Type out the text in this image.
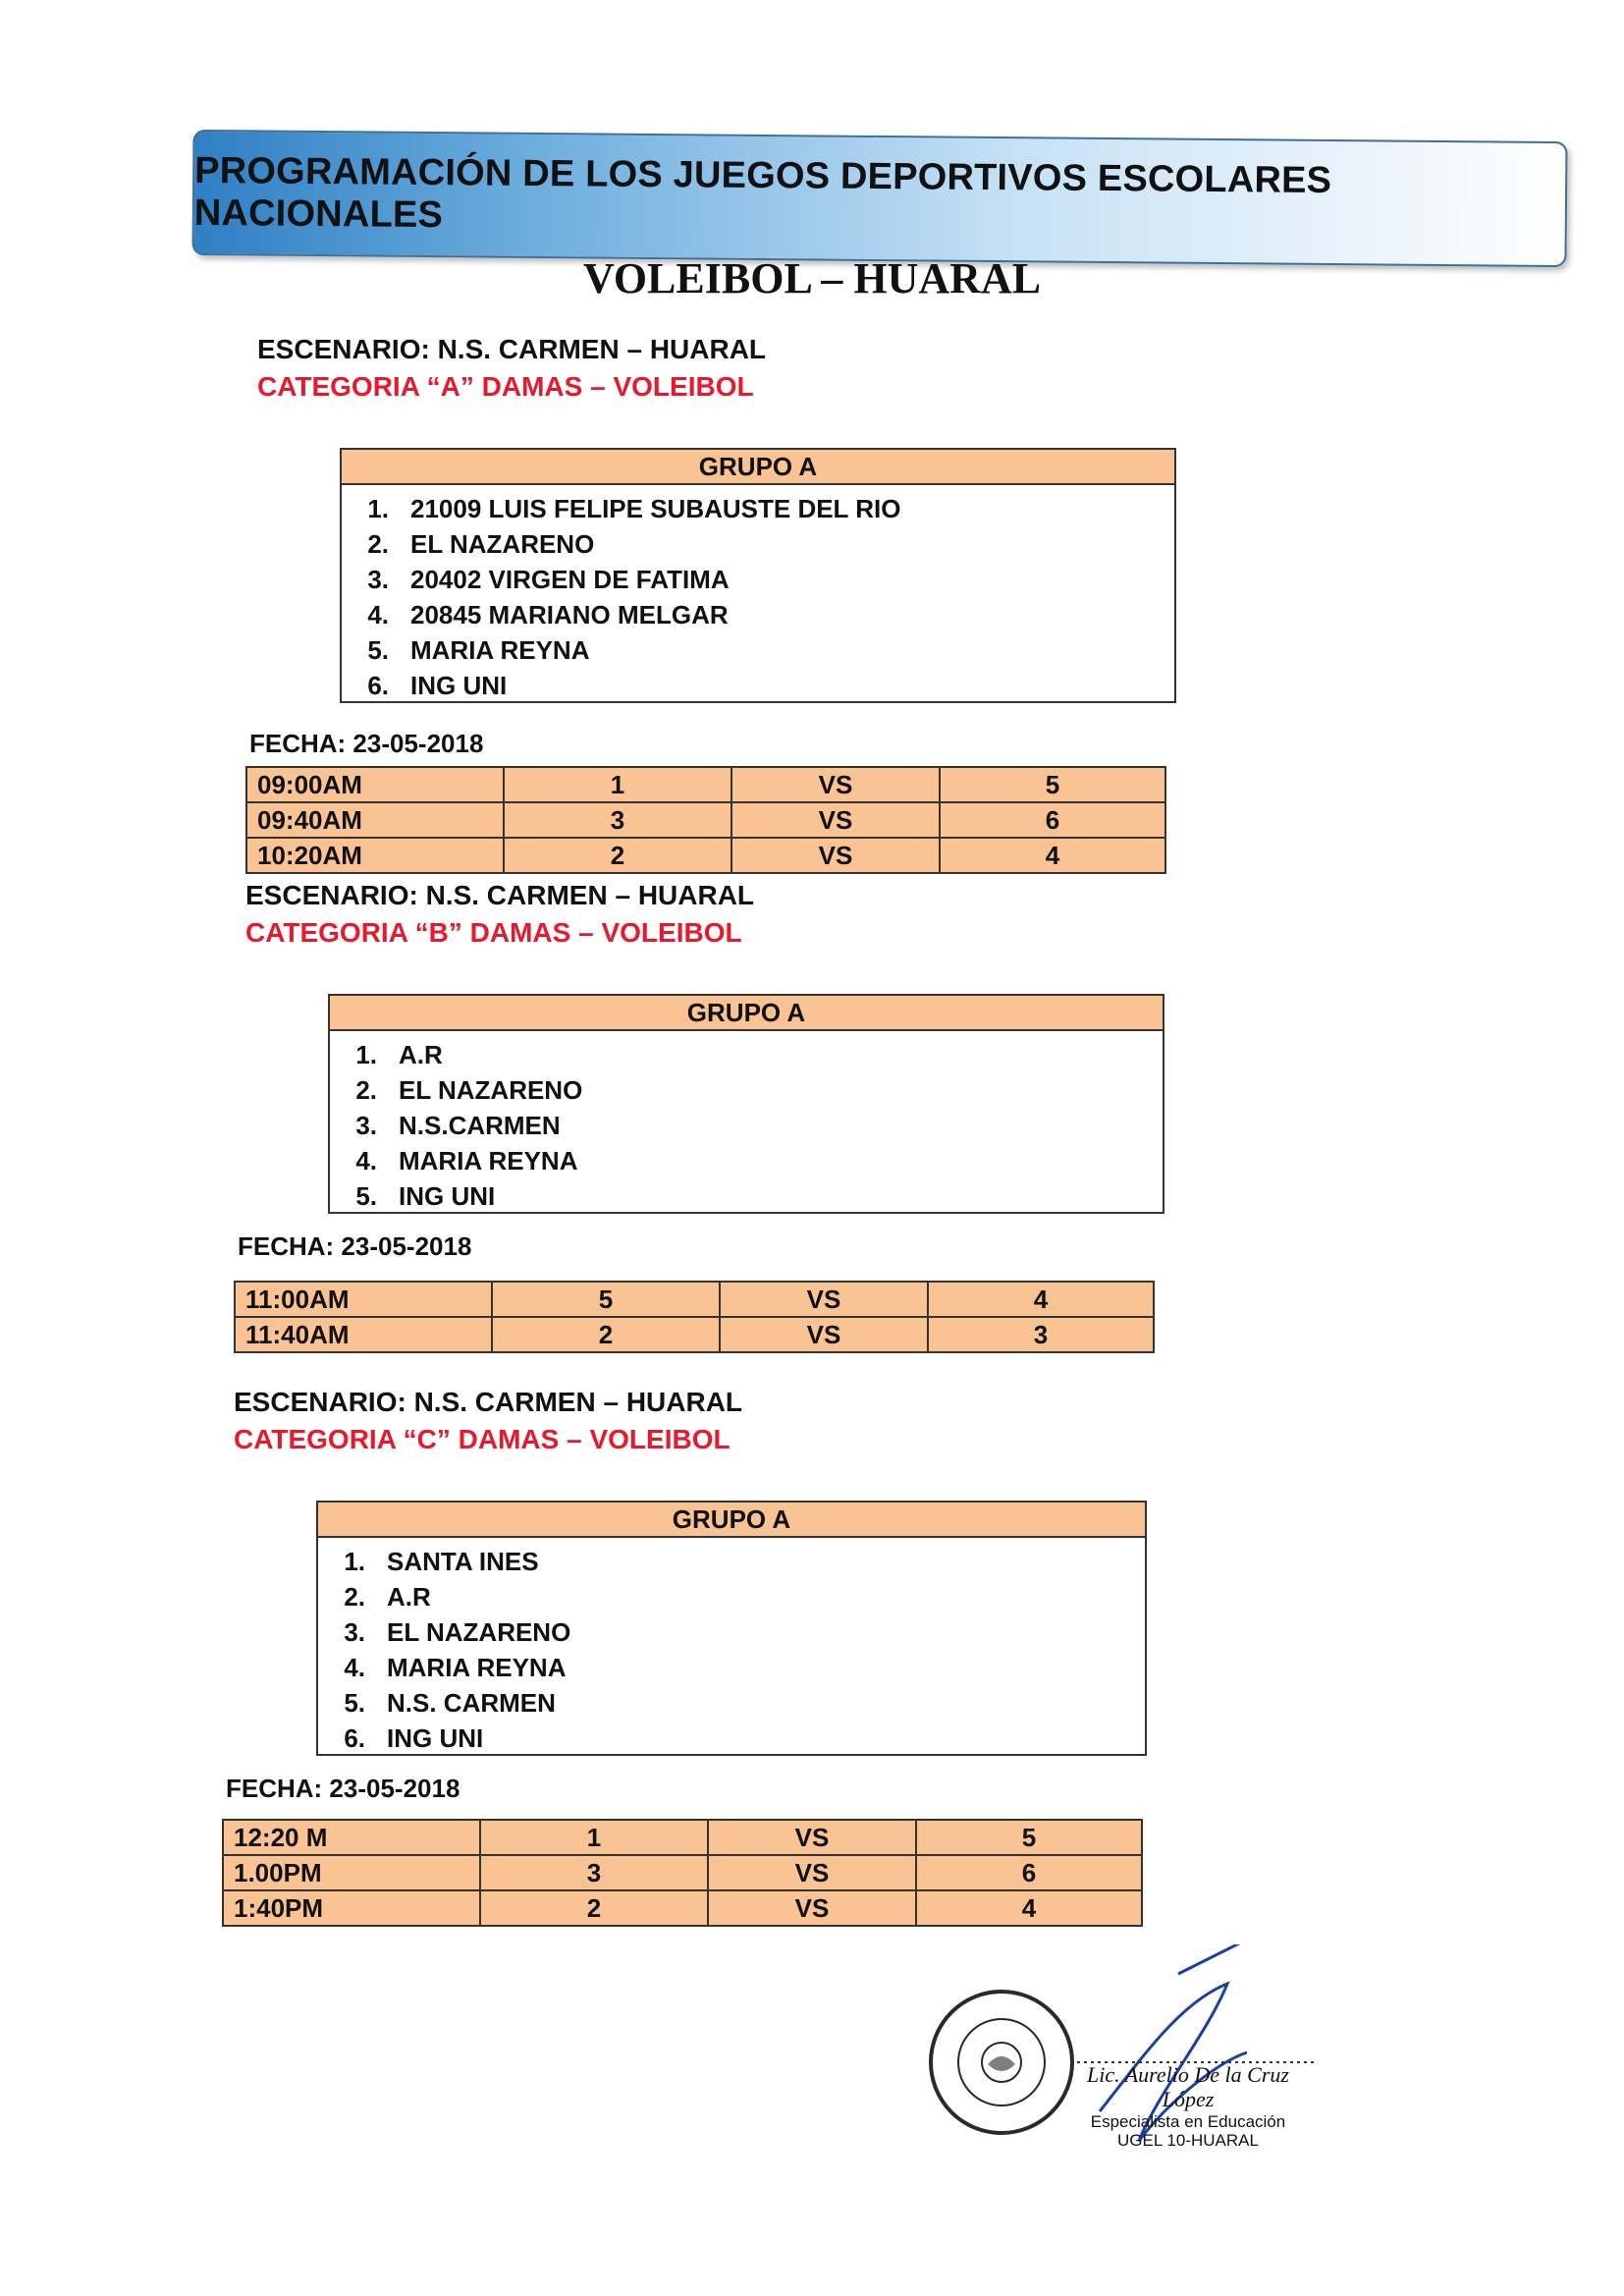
PROGRAMACIÓN DE LOS JUEGOS DEPORTIVOS ESCOLARES NACIONALES
VOLEIBOL – HUARAL

ESCENARIO: N.S. CARMEN – HUARAL

CATEGORIA “A” DAMAS – VOLEIBOL

GRUPO A
1. 21009 LUIS FELIPE SUBAUSTE DEL RIO
2. EL NAZARENO
3. 20402 VIRGEN DE FATIMA
4. 20845 MARIANO MELGAR
5. MARIA REYNA
6. ING UNI
FECHA: 23-05-2018
09:00AM	1	VS	5
09:40AM	3	VS	6
10:20AM	2	VS	4

ESCENARIO: N.S. CARMEN – HUARAL

CATEGORIA “B” DAMAS – VOLEIBOL

GRUPO A
1. A.R
2. EL NAZARENO
3. N.S.CARMEN
4. MARIA REYNA
5. ING UNI
FECHA: 23-05-2018
11:00AM	5	VS	4
11:40AM	2	VS	3

ESCENARIO: N.S. CARMEN – HUARAL

CATEGORIA “C” DAMAS – VOLEIBOL

GRUPO A
1. SANTA INES
2. A.R
3. EL NAZARENO
4. MARIA REYNA
5. N.S. CARMEN
6. ING UNI
FECHA: 23-05-2018
12:20 M	1	VS	5
1.00PM	3	VS	6
1:40PM	2	VS	4
Lic. Aurelio De la Cruz López
Especialista en Educación
UGEL 10-HUARAL
